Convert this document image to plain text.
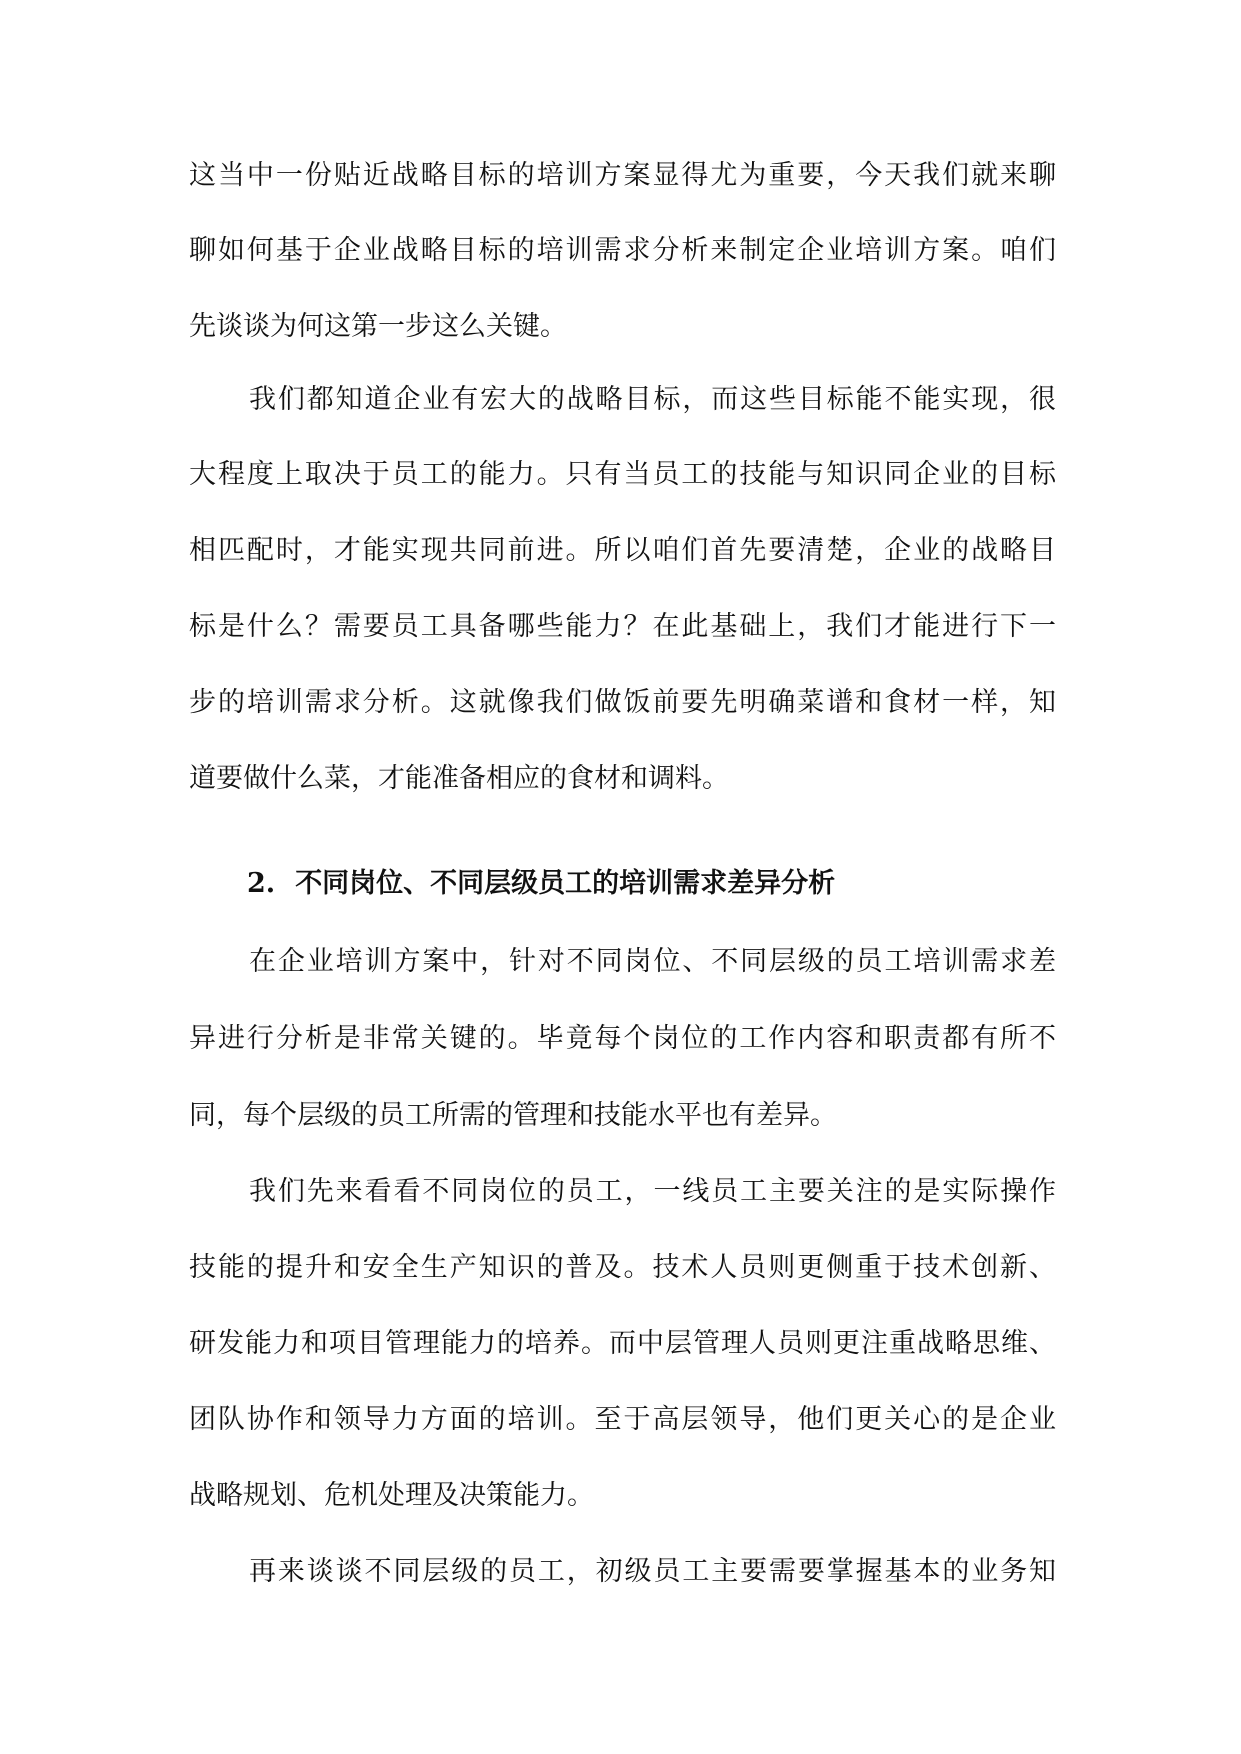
这当中一份贴近战略目标的培训方案显得尤为重要，今天我们就来聊
聊如何基于企业战略目标的培训需求分析来制定企业培训方案。咱们
先谈谈为何这第一步这么关键。
我们都知道企业有宏大的战略目标，而这些目标能不能实现，很
大程度上取决于员工的能力。只有当员工的技能与知识同企业的目标
相匹配时，才能实现共同前进。所以咱们首先要清楚，企业的战略目
标是什么？需要员工具备哪些能力？在此基础上，我们才能进行下一
步的培训需求分析。这就像我们做饭前要先明确菜谱和食材一样，知
道要做什么菜，才能准备相应的食材和调料。
2. 不同岗位、不同层级员工的培训需求差异分析
在企业培训方案中，针对不同岗位、不同层级的员工培训需求差
异进行分析是非常关键的。毕竟每个岗位的工作内容和职责都有所不
同，每个层级的员工所需的管理和技能水平也有差异。
我们先来看看不同岗位的员工，一线员工主要关注的是实际操作
技能的提升和安全生产知识的普及。技术人员则更侧重于技术创新、
研发能力和项目管理能力的培养。而中层管理人员则更注重战略思维、
团队协作和领导力方面的培训。至于高层领导，他们更关心的是企业
战略规划、危机处理及决策能力。
再来谈谈不同层级的员工，初级员工主要需要掌握基本的业务知
